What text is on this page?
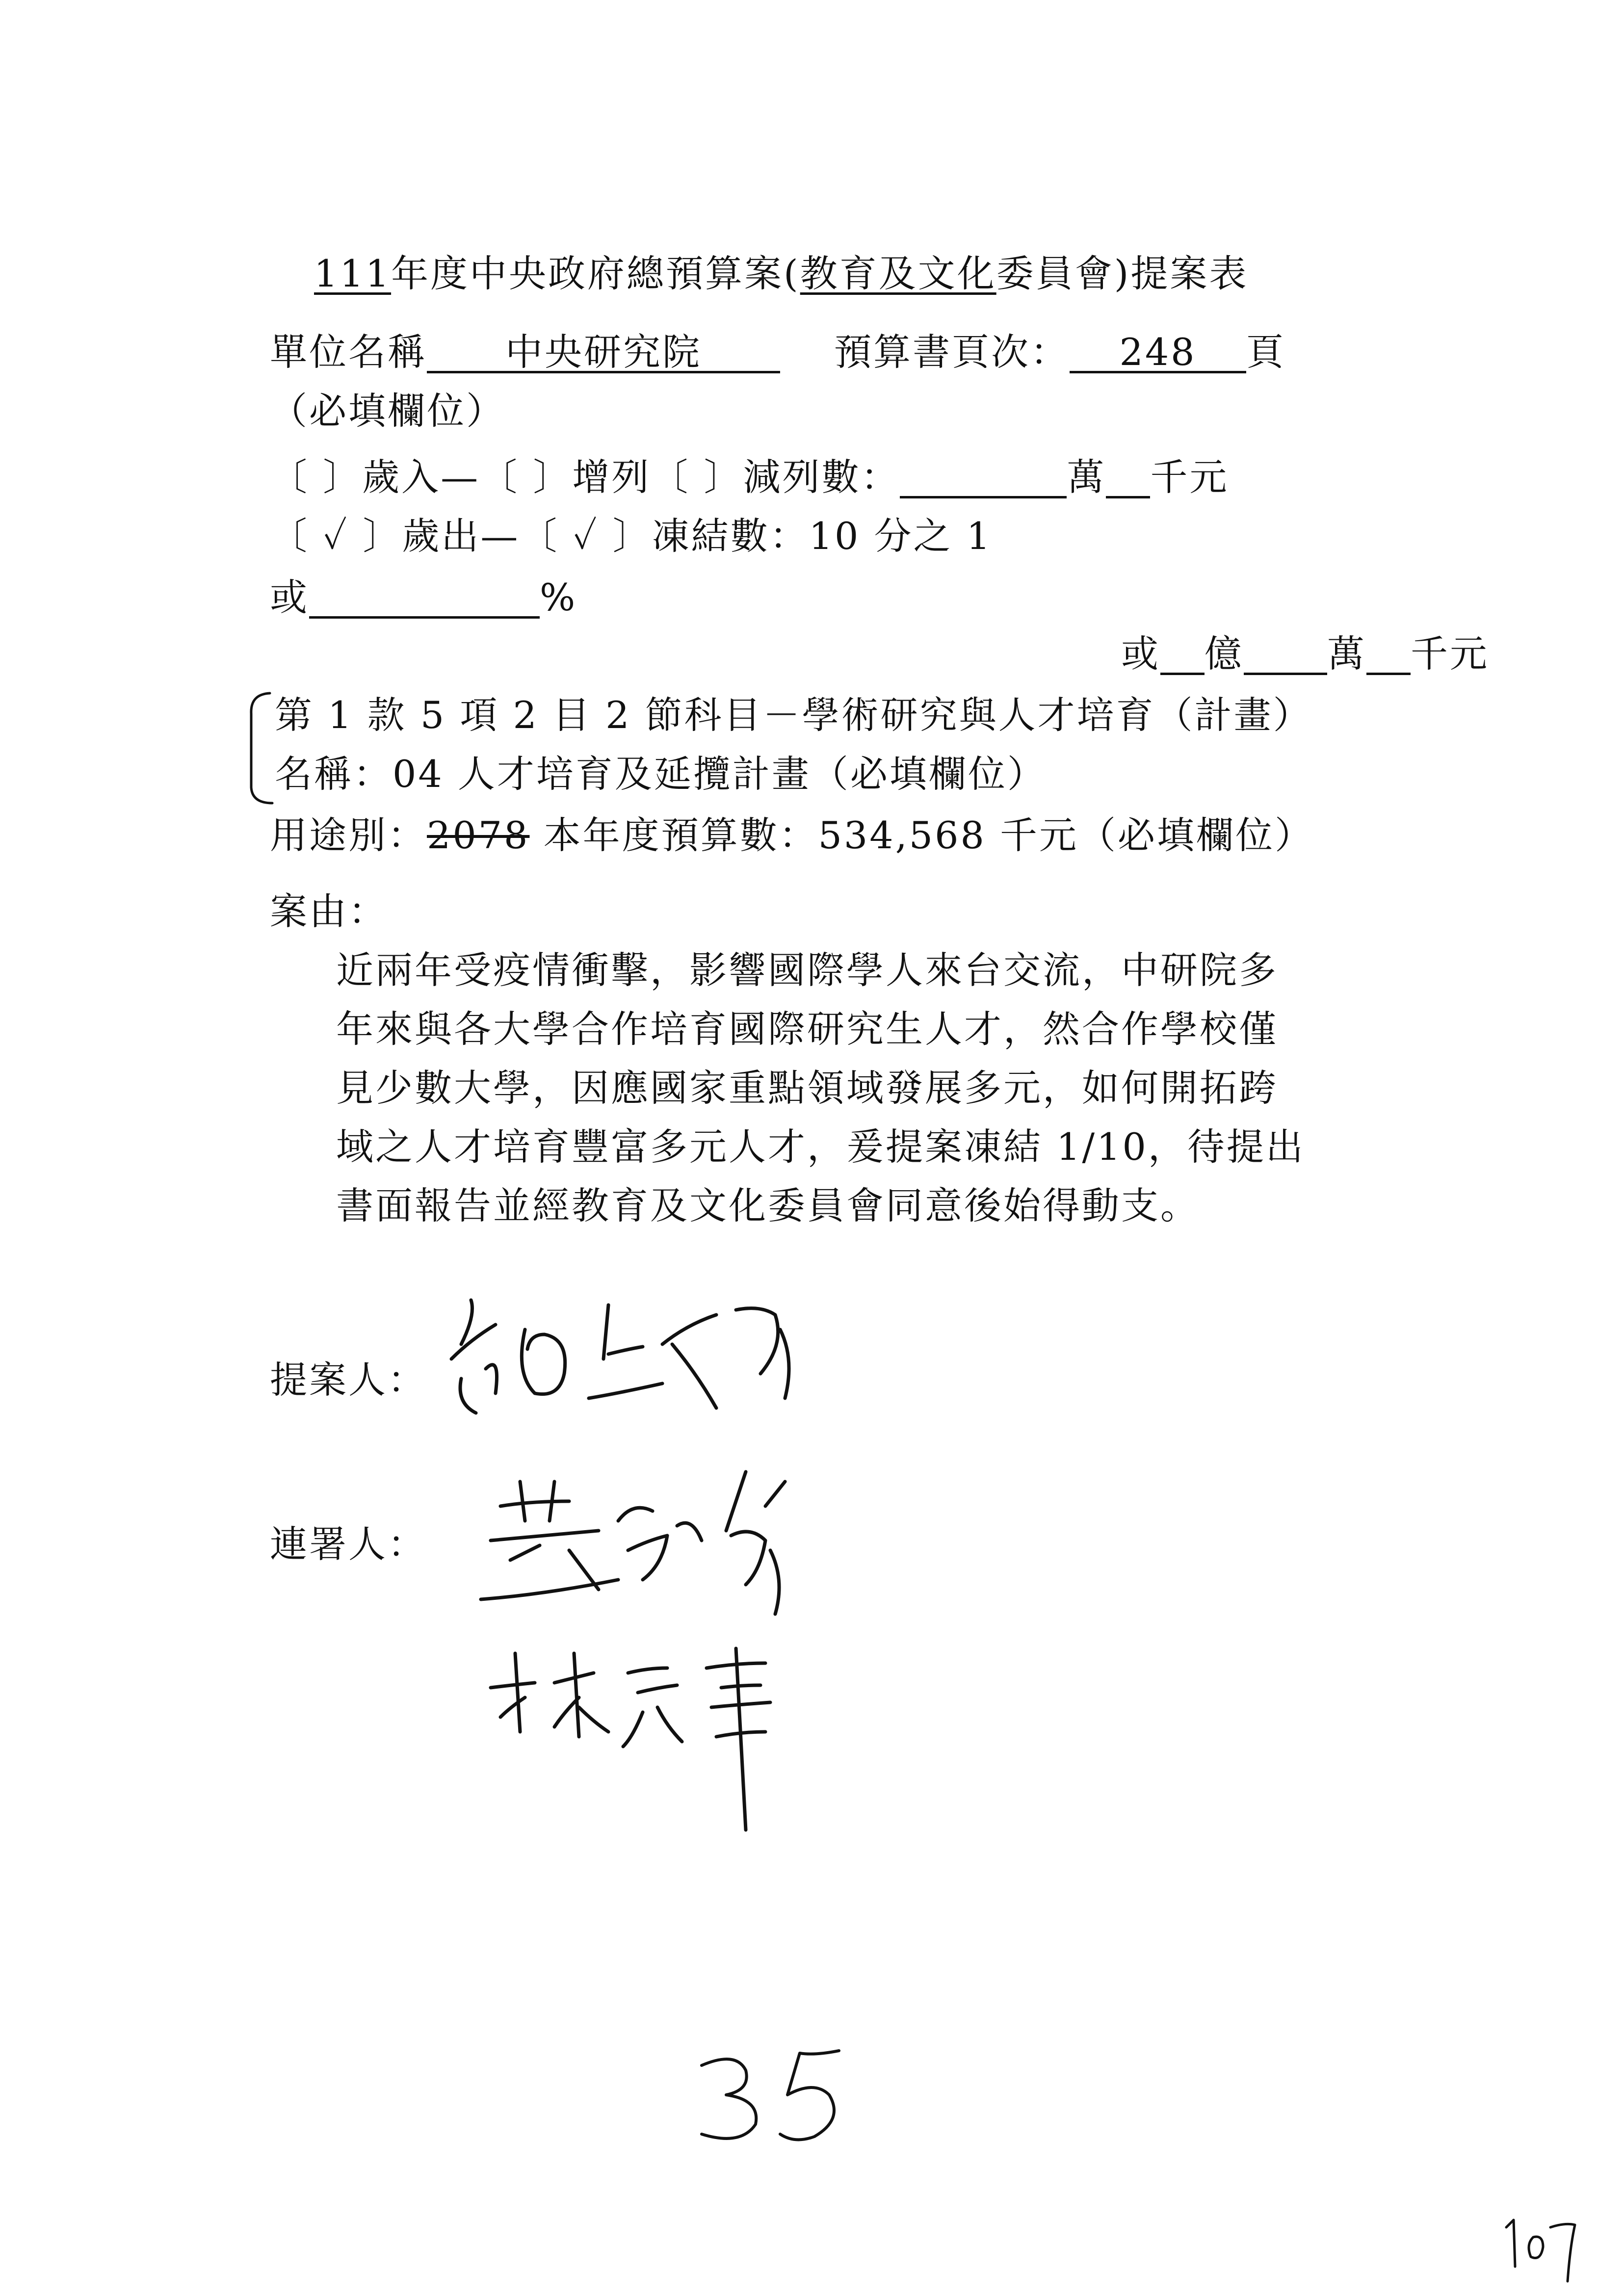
111年度中央政府總預算案(教育及文化委員會)提案表
單位名稱 中央研究院	預算書頁次： 248 頁
（必填欄位）
〔 〕歲入—〔 〕增列〔 〕減列數：	萬 千元
〔 ✓ 〕歲出—〔 ✓ 〕凍結數：10 分之 1
或	%
或 億 萬 千元
第 1 款 5 項 2 目 2 節科目－學術研究與人才培育（計畫）
名稱：04 人才培育及延攬計畫（必填欄位）
用途別：2078 本年度預算數：534,568 千元（必填欄位）
案由：
近兩年受疫情衝擊，影響國際學人來台交流，中研院多
年來與各大學合作培育國際研究生人才，然合作學校僅
見少數大學，因應國家重點領域發展多元，如何開拓跨
域之人才培育豐富多元人才，爰提案凍結 1/10，待提出
書面報告並經教育及文化委員會同意後始得動支。
提案人：
連署人：
